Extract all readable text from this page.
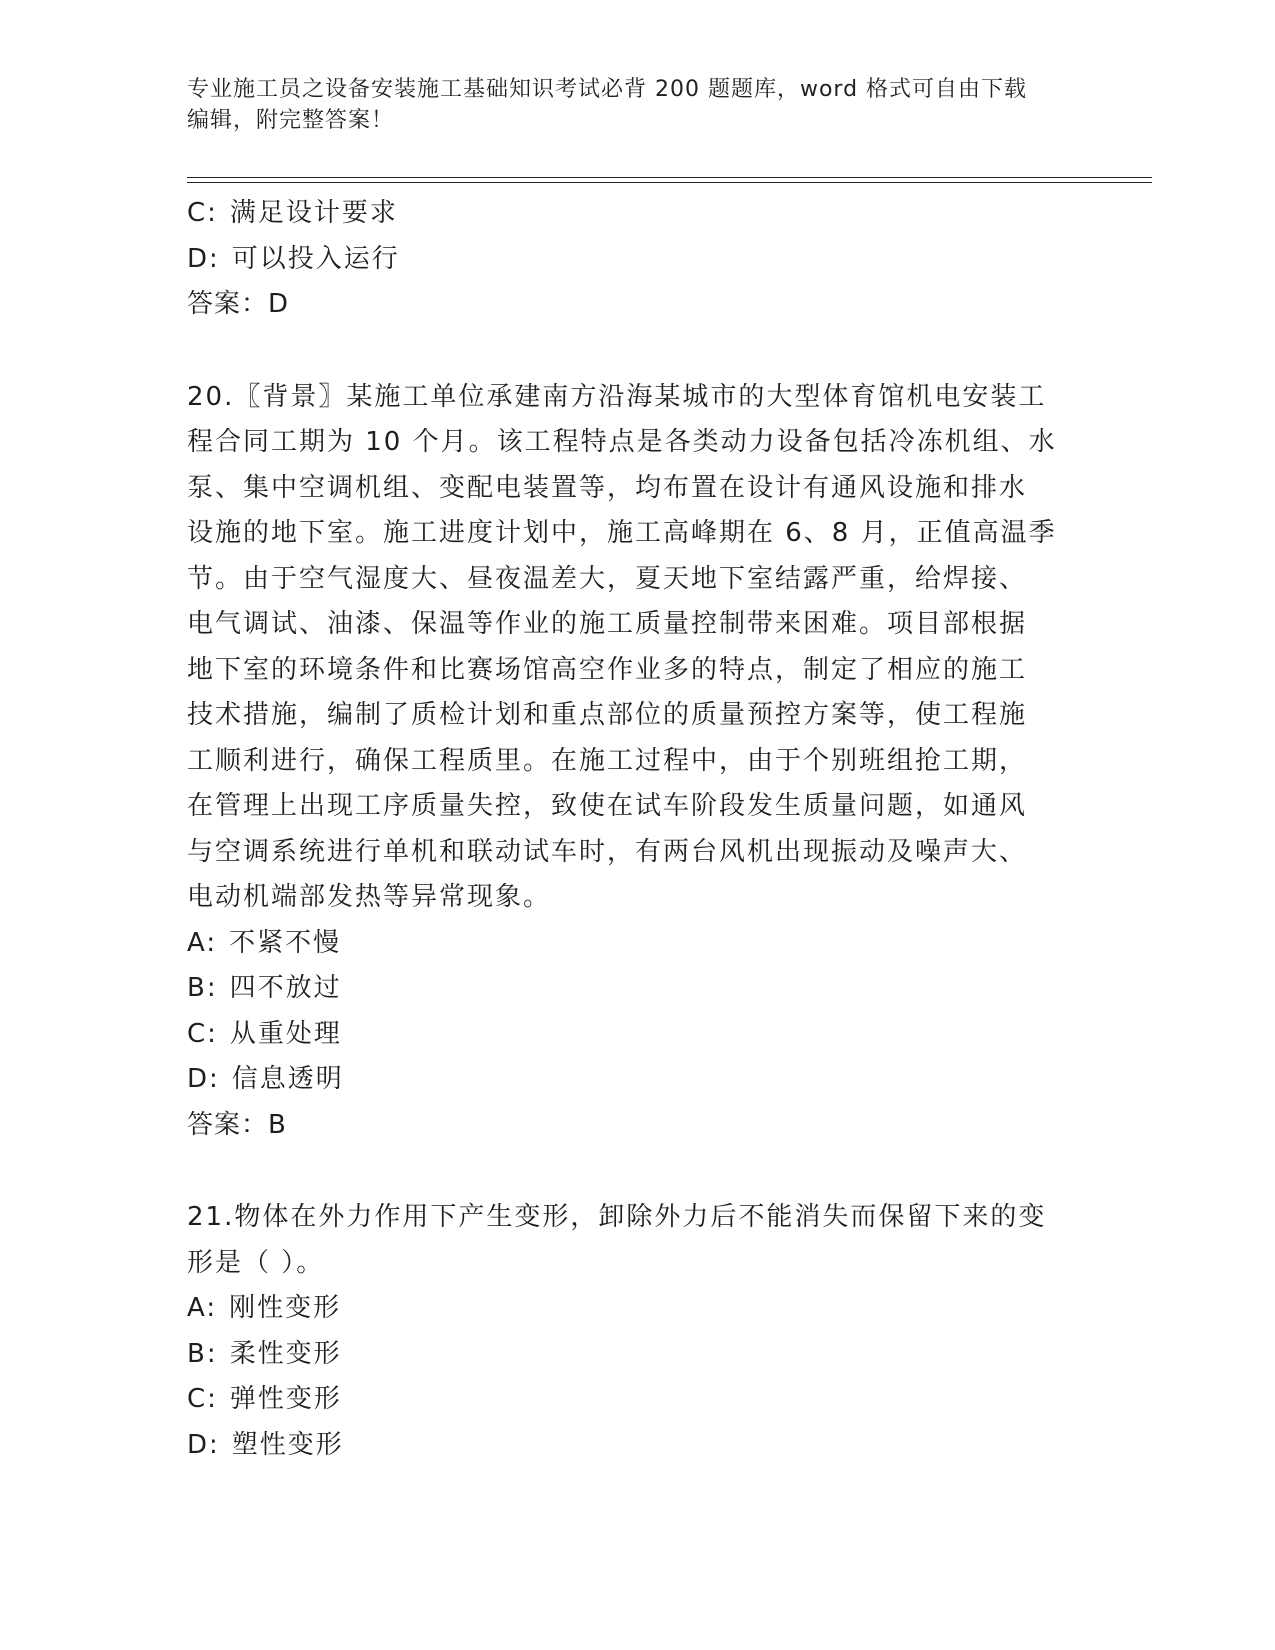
专业施工员之设备安装施工基础知识考试必背 200 题题库，word 格式可自由下载
编辑，附完整答案！
C: 满足设计要求
D: 可以投入运行
答案：D
20.〖背景〗某施工单位承建南方沿海某城市的大型体育馆机电安装工
程合同工期为 10 个月。该工程特点是各类动力设备包括冷冻机组、水
泵、集中空调机组、变配电装置等，均布置在设计有通风设施和排水
设施的地下室。施工进度计划中，施工高峰期在 6、8 月，正值高温季
节。由于空气湿度大、昼夜温差大，夏天地下室结露严重，给焊接、
电气调试、油漆、保温等作业的施工质量控制带来困难。项目部根据
地下室的环境条件和比赛场馆高空作业多的特点，制定了相应的施工
技术措施，编制了质检计划和重点部位的质量预控方案等，使工程施
工顺利进行，确保工程质里。在施工过程中，由于个别班组抢工期，
在管理上出现工序质量失控，致使在试车阶段发生质量问题，如通风
与空调系统进行单机和联动试车时，有两台风机出现振动及噪声大、
电动机端部发热等异常现象。
A: 不紧不慢
B: 四不放过
C: 从重处理
D: 信息透明
答案：B
21.物体在外力作用下产生变形，卸除外力后不能消失而保留下来的变
形是（ ）。
A: 刚性变形
B: 柔性变形
C: 弹性变形
D: 塑性变形
